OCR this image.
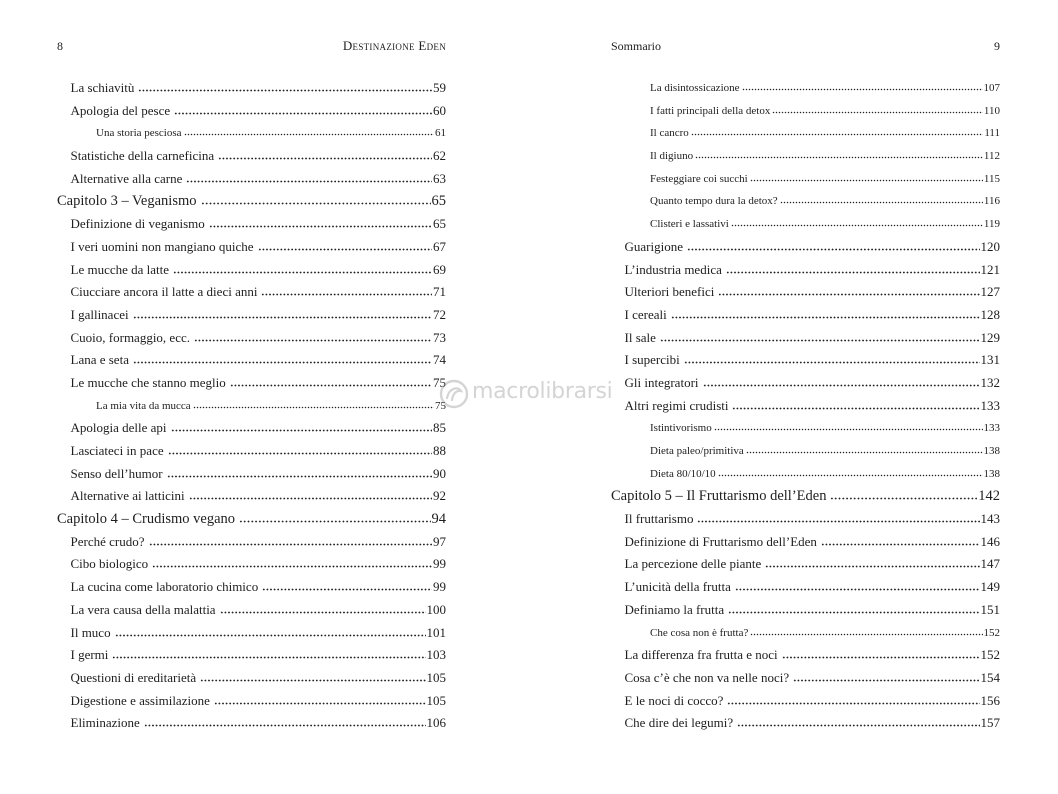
8	Destinazione Eden
La schiavitù	59
Apologia del pesce	60
Una storia pesciosa	61
Statistiche della carneficina	62
Alternative alla carne	63
Capitolo 3 – Veganismo	65
Definizione di veganismo	65
I veri uomini non mangiano quiche	67
Le mucche da latte	69
Ciucciare ancora il latte a dieci anni	71
I gallinacei	72
Cuoio, formaggio, ecc.	73
Lana e seta	74
Le mucche che stanno meglio	75
La mia vita da mucca	75
Apologia delle api	85
Lasciateci in pace	88
Senso dell’humor	90
Alternative ai latticini	92
Capitolo 4 – Crudismo vegano	94
Perché crudo?	97
Cibo biologico	99
La cucina come laboratorio chimico	99
La vera causa della malattia	100
Il muco	101
I germi	103
Questioni di ereditarietà	105
Digestione e assimilazione	105
Eliminazione	106
Sommario	9
La disintossicazione	107
I fatti principali della detox	110
Il cancro	111
Il digiuno	112
Festeggiare coi succhi	115
Quanto tempo dura la detox?	116
Clisteri e lassativi	119
Guarigione	120
L’industria medica	121
Ulteriori benefici	127
I cereali	128
Il sale	129
I supercibi	131
Gli integratori	132
Altri regimi crudisti	133
Istintivorismo	133
Dieta paleo/primitiva	138
Dieta 80/10/10	138
Capitolo 5 – Il Fruttarismo dell’Eden	142
Il fruttarismo	143
Definizione di Fruttarismo dell’Eden	146
La percezione delle piante	147
L’unicità della frutta	149
Definiamo la frutta	151
Che cosa non è frutta?	152
La differenza fra frutta e noci	152
Cosa c’è che non va nelle noci?	154
E le noci di cocco?	156
Che dire dei legumi?	157
macrolibrarsi
